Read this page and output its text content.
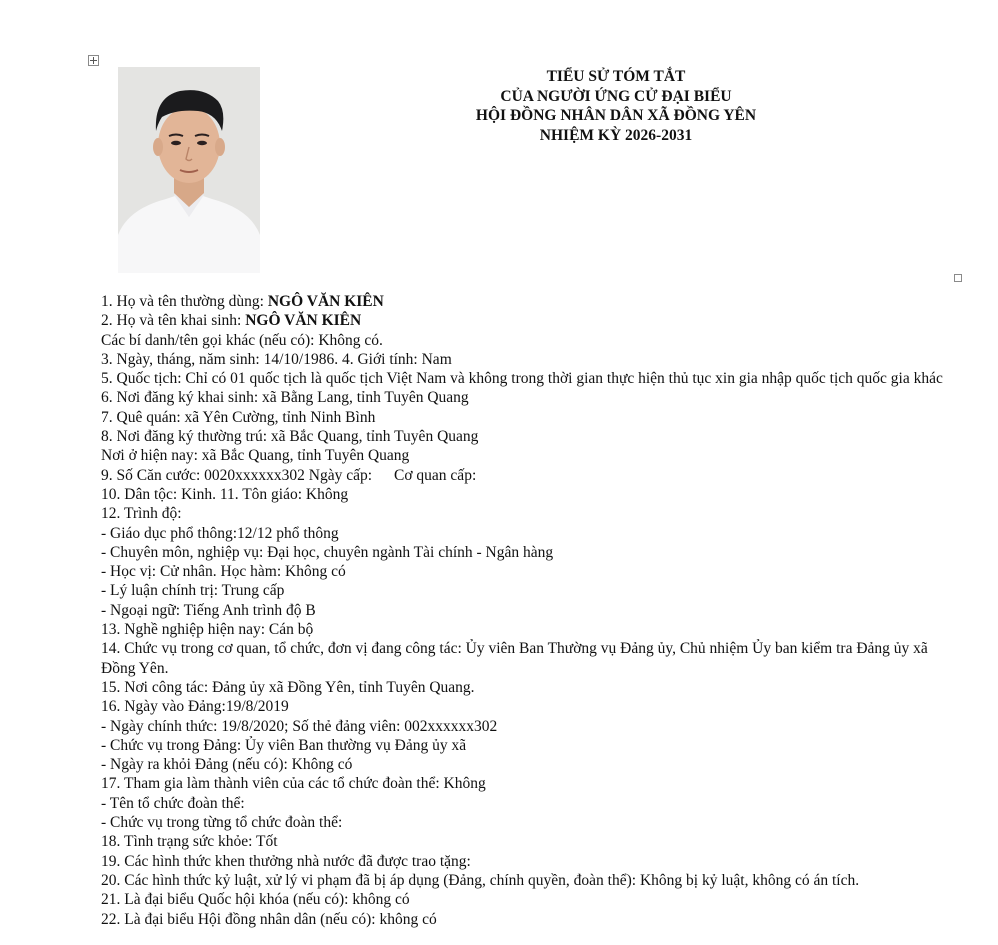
TIỂU SỬ TÓM TẮT
CỦA NGƯỜI ỨNG CỬ ĐẠI BIỂU
HỘI ĐỒNG NHÂN DÂN XÃ ĐỒNG YÊN
NHIỆM KỲ 2026-2031

1. Họ và tên thường dùng: NGÔ VĂN KIÊN

2. Họ và tên khai sinh: NGÔ VĂN KIÊN

Các bí danh/tên gọi khác (nếu có): Không có.

3. Ngày, tháng, năm sinh: 14/10/1986. 4. Giới tính: Nam

5. Quốc tịch: Chỉ có 01 quốc tịch là quốc tịch Việt Nam và không trong thời gian thực hiện thủ tục xin gia nhập quốc tịch quốc gia khác

6. Nơi đăng ký khai sinh: xã Bằng Lang, tỉnh Tuyên Quang

7. Quê quán: xã Yên Cường, tỉnh Ninh Bình

8. Nơi đăng ký thường trú: xã Bắc Quang, tỉnh Tuyên Quang

Nơi ở hiện nay: xã Bắc Quang, tỉnh Tuyên Quang

9. Số Căn cước: 0020xxxxxx302 Ngày cấp: Cơ quan cấp:

10. Dân tộc: Kinh. 11. Tôn giáo: Không

12. Trình độ:

- Giáo dục phổ thông:12/12 phổ thông

- Chuyên môn, nghiệp vụ: Đại học, chuyên ngành Tài chính - Ngân hàng

- Học vị: Cử nhân. Học hàm: Không có

- Lý luận chính trị: Trung cấp

- Ngoại ngữ: Tiếng Anh trình độ B

13. Nghề nghiệp hiện nay: Cán bộ

14. Chức vụ trong cơ quan, tổ chức, đơn vị đang công tác: Ủy viên Ban Thường vụ Đảng ủy, Chủ nhiệm Ủy ban kiểm tra Đảng ủy xã Đồng Yên.

15. Nơi công tác: Đảng ủy xã Đồng Yên, tỉnh Tuyên Quang.

16. Ngày vào Đảng:19/8/2019

- Ngày chính thức: 19/8/2020; Số thẻ đảng viên: 002xxxxxx302

- Chức vụ trong Đảng: Ủy viên Ban thường vụ Đảng ủy xã

- Ngày ra khỏi Đảng (nếu có): Không có

17. Tham gia làm thành viên của các tổ chức đoàn thể: Không

- Tên tổ chức đoàn thể:

- Chức vụ trong từng tổ chức đoàn thể:

18. Tình trạng sức khỏe: Tốt

19. Các hình thức khen thưởng nhà nước đã được trao tặng:

20. Các hình thức kỷ luật, xử lý vi phạm đã bị áp dụng (Đảng, chính quyền, đoàn thể): Không bị kỷ luật, không có án tích.

21. Là đại biểu Quốc hội khóa (nếu có): không có

22. Là đại biểu Hội đồng nhân dân (nếu có): không có
